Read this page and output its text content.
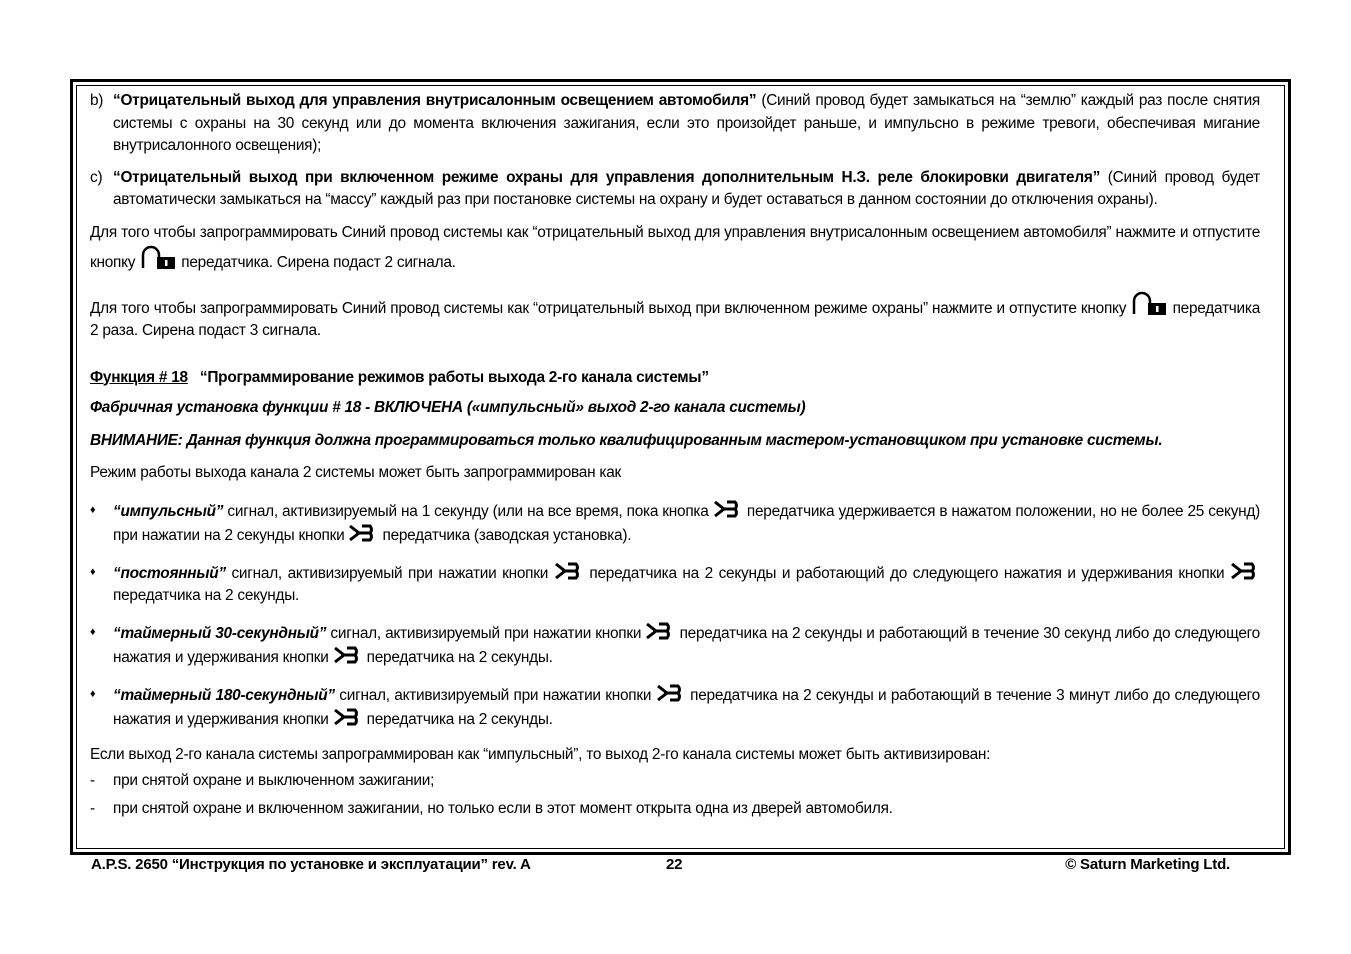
b) “Отрицательный выход для управления внутрисалонным освещением автомобиля” (Синий провод будет замыкаться на “землю” каждый раз после снятия системы с охраны на 30 секунд или до момента включения зажигания, если это произойдет раньше, и импульсно в режиме тревоги, обеспечивая мигание внутрисалонного освещения);
c) “Отрицательный выход при включенном режиме охраны для управления дополнительным Н.З. реле блокировки двигателя” (Синий провод будет автоматически замыкаться на “массу” каждый раз при постановке системы на охрану и будет оставаться в данном состоянии до отключения охраны).

Для того чтобы запрограммировать Синий провод системы как “отрицательный выход для управления внутрисалонным освещением автомобиля” нажмите и отпустите кнопку	передатчика. Сирена подаст 2 сигнала.

Для того чтобы запрограммировать Синий провод системы как “отрицательный выход при включенном режиме охраны” нажмите и отпустите кнопку	передатчика 2 раза. Сирена подаст 3 сигнала.

Функция # 18 “Программирование режимов работы выхода 2-го канала системы”

Фабричная установка функции # 18 - ВКЛЮЧЕНА («импульсный» выход 2-го канала системы)

ВНИМАНИЕ: Данная функция должна программироваться только квалифицированным мастером-установщиком при установке системы.

Режим работы выхода канала 2 системы может быть запрограммирован как

♦	“импульсный” сигнал, активизируемый на 1 секунду (или на все время, пока кнопка  передатчика удерживается в нажатом положении, но не более 25 секунд) при нажатии на 2 секунды кнопки  передатчика (заводская установка).
♦	“постоянный” сигнал, активизируемый при нажатии кнопки  передатчика на 2 секунды и работающий до следующего нажатия и удерживания кнопки  передатчика на 2 секунды.
♦	“таймерный 30-секундный” сигнал, активизируемый при нажатии кнопки  передатчика на 2 секунды и работающий в течение 30 секунд либо до следующего нажатия и удерживания кнопки  передатчика на 2 секунды.
♦	“таймерный 180-секундный” сигнал, активизируемый при нажатии кнопки  передатчика на 2 секунды и работающий в течение 3 минут либо до следующего нажатия и удерживания кнопки  передатчика на 2 секунды.

Если выход 2-го канала системы запрограммирован как “импульсный”, то выход 2-го канала системы может быть активизирован:

-	при снятой охране и выключенном зажигании;
-	при снятой охране и включенном зажигании, но только если в этот момент открыта одна из дверей автомобиля.
A.P.S. 2650 “Инструкция по установке и эксплуатации” rev. A	22	© Saturn Marketing Ltd.
